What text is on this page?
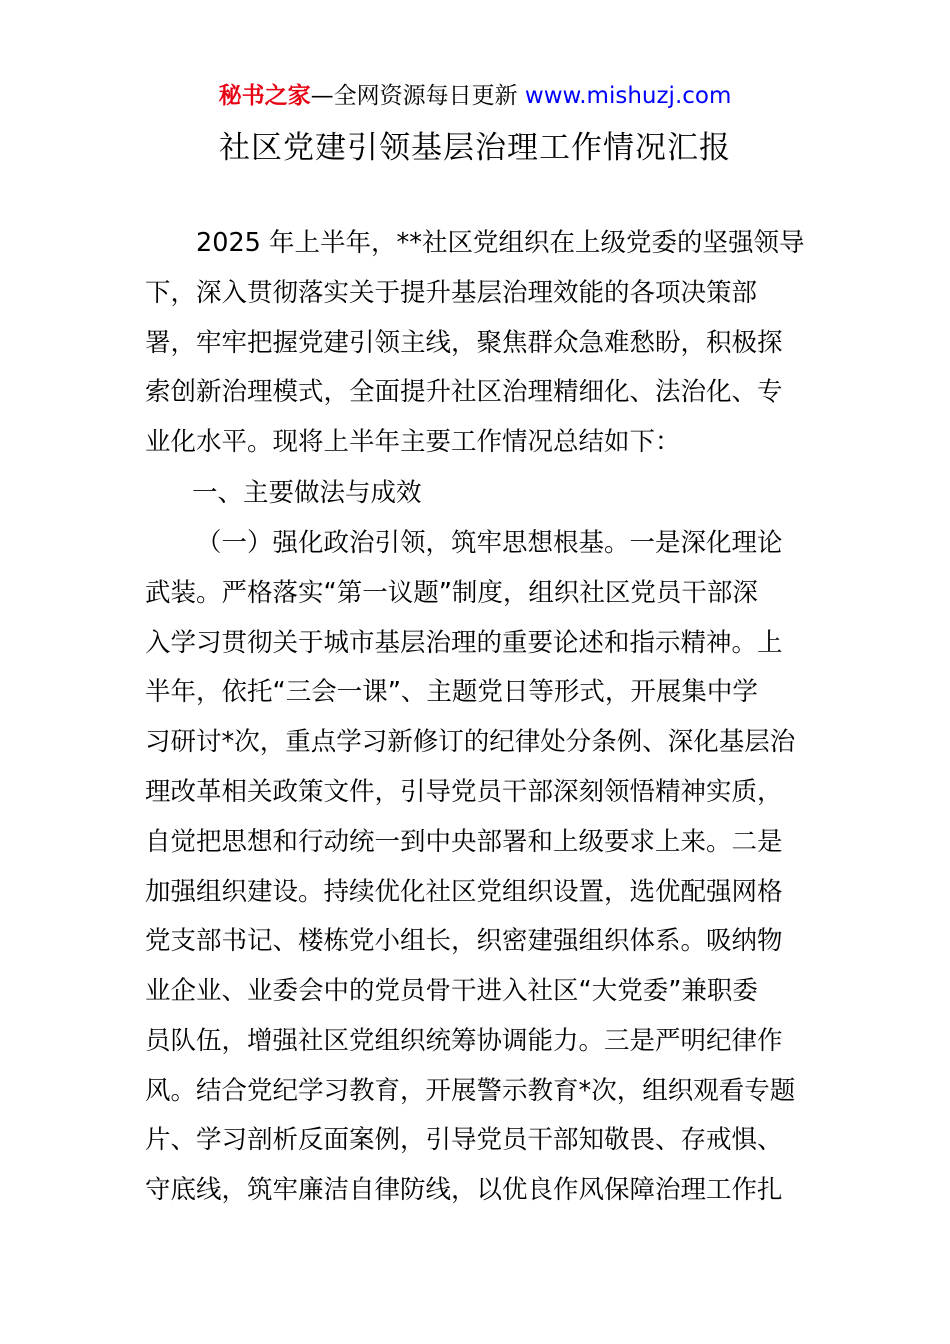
秘书之家—全网资源每日更新 www.mishuzj.com
社区党建引领基层治理工作情况汇报

2025 年上半年，**社区党组织在上级党委的坚强领导

下，深入贯彻落实关于提升基层治理效能的各项决策部

署，牢牢把握党建引领主线，聚焦群众急难愁盼，积极探

索创新治理模式，全面提升社区治理精细化、法治化、专

业化水平。现将上半年主要工作情况总结如下：

一、主要做法与成效

（一）强化政治引领，筑牢思想根基。一是深化理论

武装。严格落实“第一议题”制度，组织社区党员干部深

入学习贯彻关于城市基层治理的重要论述和指示精神。上

半年，依托“三会一课”、主题党日等形式，开展集中学

习研讨*次，重点学习新修订的纪律处分条例、深化基层治

理改革相关政策文件，引导党员干部深刻领悟精神实质，

自觉把思想和行动统一到中央部署和上级要求上来。二是

加强组织建设。持续优化社区党组织设置，选优配强网格

党支部书记、楼栋党小组长，织密建强组织体系。吸纳物

业企业、业委会中的党员骨干进入社区“大党委”兼职委

员队伍，增强社区党组织统筹协调能力。三是严明纪律作

风。结合党纪学习教育，开展警示教育*次，组织观看专题

片、学习剖析反面案例，引导党员干部知敬畏、存戒惧、

守底线，筑牢廉洁自律防线，以优良作风保障治理工作扎
